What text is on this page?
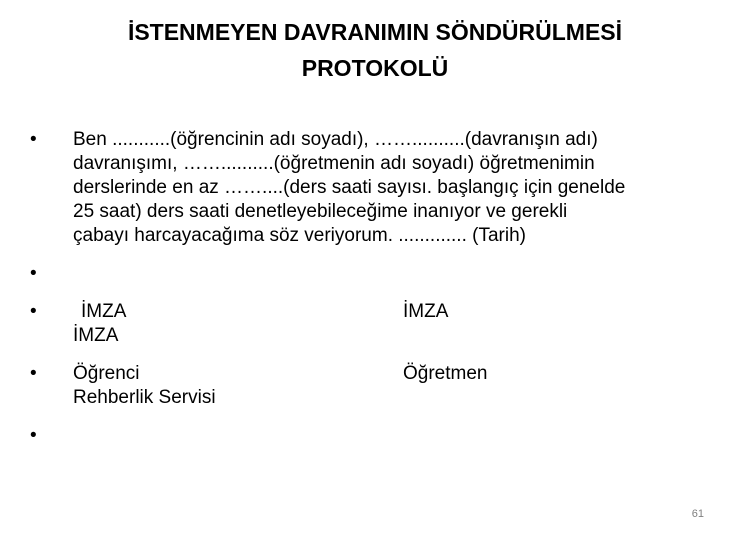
İSTENMEYEN DAVRANIMIN SÖNDÜRÜLMESİ
PROTOKOLÜ
•	Ben ...........(öğrencinin adı soyadı), ……..........(davranışın adı)
davranışımı, ……..........(öğretmenin adı soyadı) öğretmenimin
derslerinde en az ……....(ders saati sayısı. başlangıç için genelde
25 saat) ders saati denetleyebileceğime inanıyor ve gerekli
çabayı harcayacağıma söz veriyorum. ............. (Tarih)
•
•	İMZA	İMZA
İMZA
•	Öğrenci	Öğretmen
Rehberlik Servisi
•
61
